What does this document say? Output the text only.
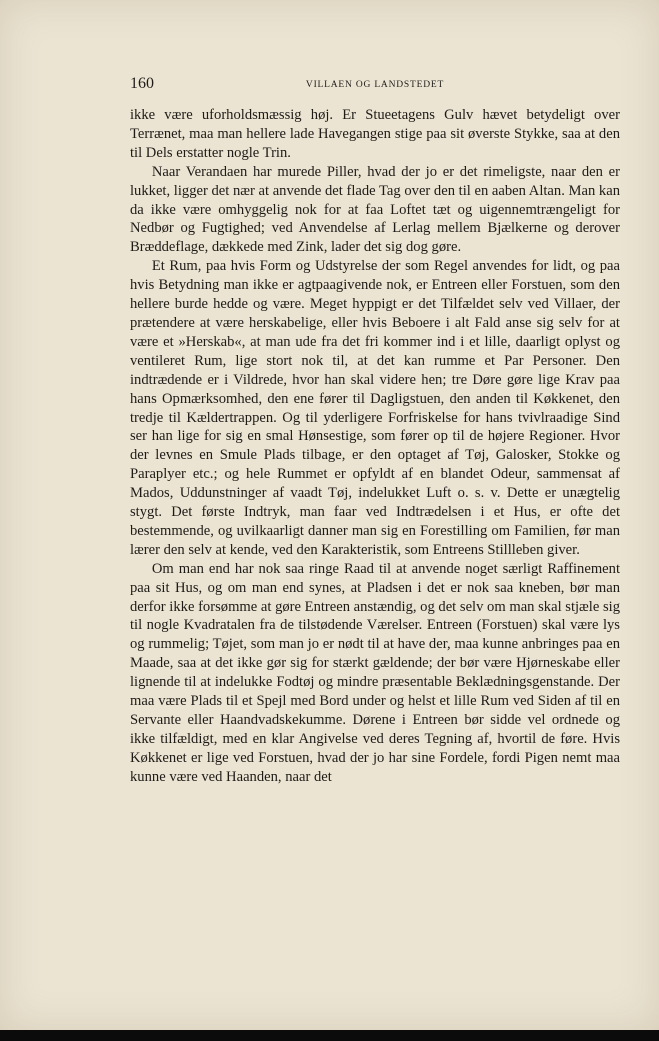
160	VILLAEN OG LANDSTEDET

ikke være uforholdsmæssig høj. Er Stueetagens Gulv hævet betydeligt over Terrænet, maa man hellere lade Havegangen stige paa sit øverste Stykke, saa at den til Dels erstatter nogle Trin.

Naar Verandaen har murede Piller, hvad der jo er det rimeligste, naar den er lukket, ligger det nær at anvende det flade Tag over den til en aaben Altan. Man kan da ikke være omhyggelig nok for at faa Loftet tæt og uigennemtrængeligt for Nedbør og Fugtighed; ved Anvendelse af Lerlag mellem Bjælkerne og derover Bræddeflage, dækkede med Zink, lader det sig dog gøre.

Et Rum, paa hvis Form og Udstyrelse der som Regel anvendes for lidt, og paa hvis Betydning man ikke er agtpaagivende nok, er Entreen eller Forstuen, som den hellere burde hedde og være. Meget hyppigt er det Tilfældet selv ved Villaer, der prætendere at være herskabelige, eller hvis Beboere i alt Fald anse sig selv for at være et »Herskab«, at man ude fra det fri kommer ind i et lille, daarligt oplyst og ventileret Rum, lige stort nok til, at det kan rumme et Par Personer. Den indtrædende er i Vildrede, hvor han skal videre hen; tre Døre gøre lige Krav paa hans Opmærksomhed, den ene fører til Dagligstuen, den anden til Køkkenet, den tredje til Kældertrappen. Og til yderligere Forfriskelse for hans tvivlraadige Sind ser han lige for sig en smal Hønsestige, som fører op til de højere Regioner. Hvor der levnes en Smule Plads tilbage, er den optaget af Tøj, Galosker, Stokke og Paraplyer etc.; og hele Rummet er opfyldt af en blandet Odeur, sammensat af Mados, Uddunstninger af vaadt Tøj, indelukket Luft o. s. v. Dette er unægtelig stygt. Det første Indtryk, man faar ved Indtrædelsen i et Hus, er ofte det bestemmende, og uvilkaarligt danner man sig en Forestilling om Familien, før man lærer den selv at kende, ved den Karakteristik, som Entreens Stillleben giver.

Om man end har nok saa ringe Raad til at anvende noget særligt Raffinement paa sit Hus, og om man end synes, at Pladsen i det er nok saa kneben, bør man derfor ikke forsømme at gøre Entreen anstændig, og det selv om man skal stjæle sig til nogle Kvadratalen fra de tilstødende Værelser. Entreen (Forstuen) skal være lys og rummelig; Tøjet, som man jo er nødt til at have der, maa kunne anbringes paa en Maade, saa at det ikke gør sig for stærkt gældende; der bør være Hjørneskabe eller lignende til at indelukke Fodtøj og mindre præsentable Beklædningsgenstande. Der maa være Plads til et Spejl med Bord under og helst et lille Rum ved Siden af til en Servante eller Haandvadskekumme. Dørene i Entreen bør sidde vel ordnede og ikke tilfældigt, med en klar Angivelse ved deres Tegning af, hvortil de føre. Hvis Køkkenet er lige ved Forstuen, hvad der jo har sine Fordele, fordi Pigen nemt maa kunne være ved Haanden, naar det
